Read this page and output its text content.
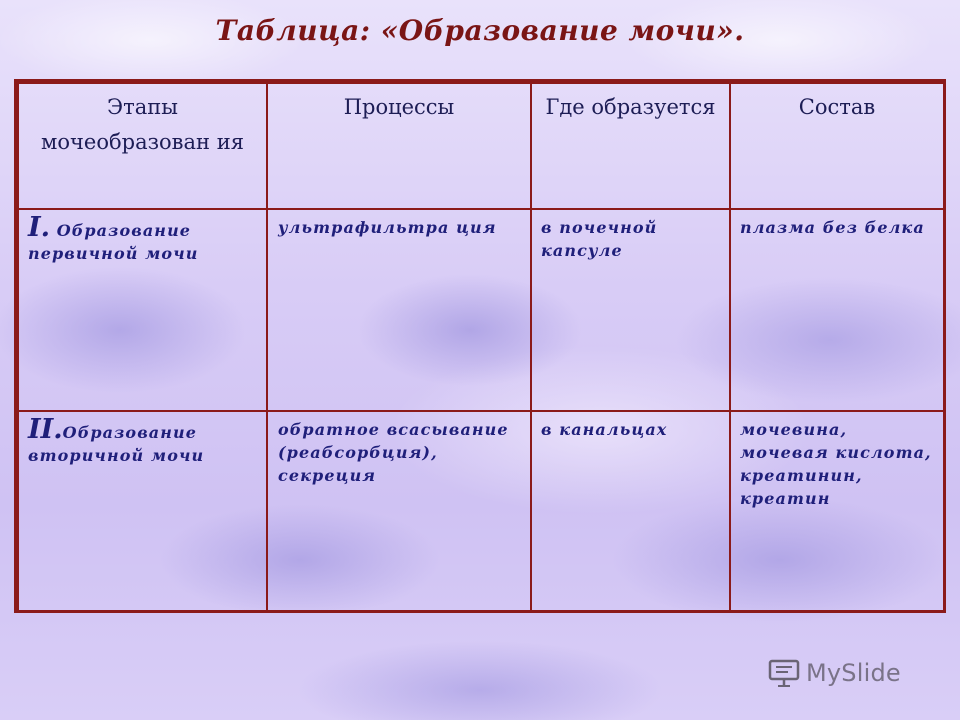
Таблица: «Образование мочи».
Этапы мочеобразован ия	Процессы	Где образуется	Состав
I. Образование первичной мочи	ультрафильтра ция	в почечной капсуле	плазма без белка
II.Образование вторичной мочи	обратное всасывание (реабсорбция), секреция	в канальцах	мочевина, мочевая кислота, креатинин, креатин
MySlide
